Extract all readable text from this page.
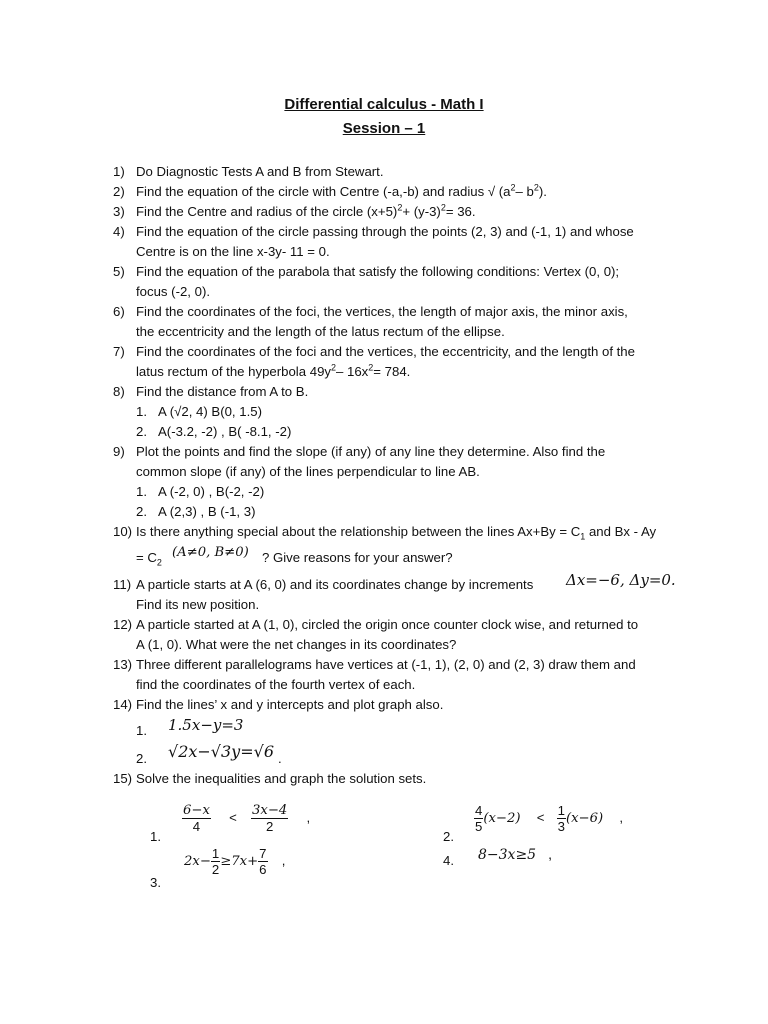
Differential calculus - Math I
Session – 1
1) Do Diagnostic Tests A and B from Stewart.
2) Find the equation of the circle with Centre (-a,-b) and radius √ ($a^2-$ $b^2$).
3) Find the Centre and radius of the circle $(x+5)^2+ (y-3)^2= 36$.
4) Find the equation of the circle passing through the points (2, 3) and (-1, 1) and whose
Centre is on the line x-3y- 11 = 0.
5) Find the equation of the parabola that satisfy the following conditions: Vertex (0, 0);
focus (-2, 0).
6) Find the coordinates of the foci, the vertices, the length of major axis, the minor axis,
the eccentricity and the length of the latus rectum of the ellipse.
7) Find the coordinates of the foci and the vertices, the eccentricity, and the length of the
latus rectum of the hyperbola $49y^2-$ $16x^2= 784$.
8) Find the distance from A to B.
1. A (√2, 4) B(0, 1.5)
2. A(-3.2, -2) , B( -8.1, -2)
9) Plot the points and find the slope (if any) of any line they determine. Also find the
common slope (if any) of the lines perpendicular to line AB.
1. A (-2, 0) , B(-2, -2)
2. A (2,3) , B (-1, 3)
10) Is there anything special about the relationship between the lines $Ax+By = C_1$ and Bx - Ay
= $C_2$
(A≠0, B≠0) ? Give reasons for your answer?
11) A particle starts at A (6, 0) and its coordinates change by increments Δx=−6, Δy=0.
Find its new position.
12) A particle started at A (1, 0), circled the origin once counter clock wise, and returned to
A (1, 0). What were the net changes in its coordinates?
13) Three different parallelograms have vertices at (-1, 1), (2, 0) and (2, 3) draw them and
find the coordinates of the fourth vertex of each.
14) Find the lines’ x and y intercepts and plot graph also.
1. 1.5x−y=3
2. √2x−√3y=√6 .
15) Solve the inequalities and graph the solution sets.
1.
$\frac{6-x}{4} < \frac{3x-4}{2}$ ,
2.
$\frac{4}{5} (x-2) < \frac{1}{3} (x-6)$ ,
4. 8−3x≥5 ,
3.
$2x- \frac{1}{2} \ge 7x+ \frac{7}{6}$ ,
